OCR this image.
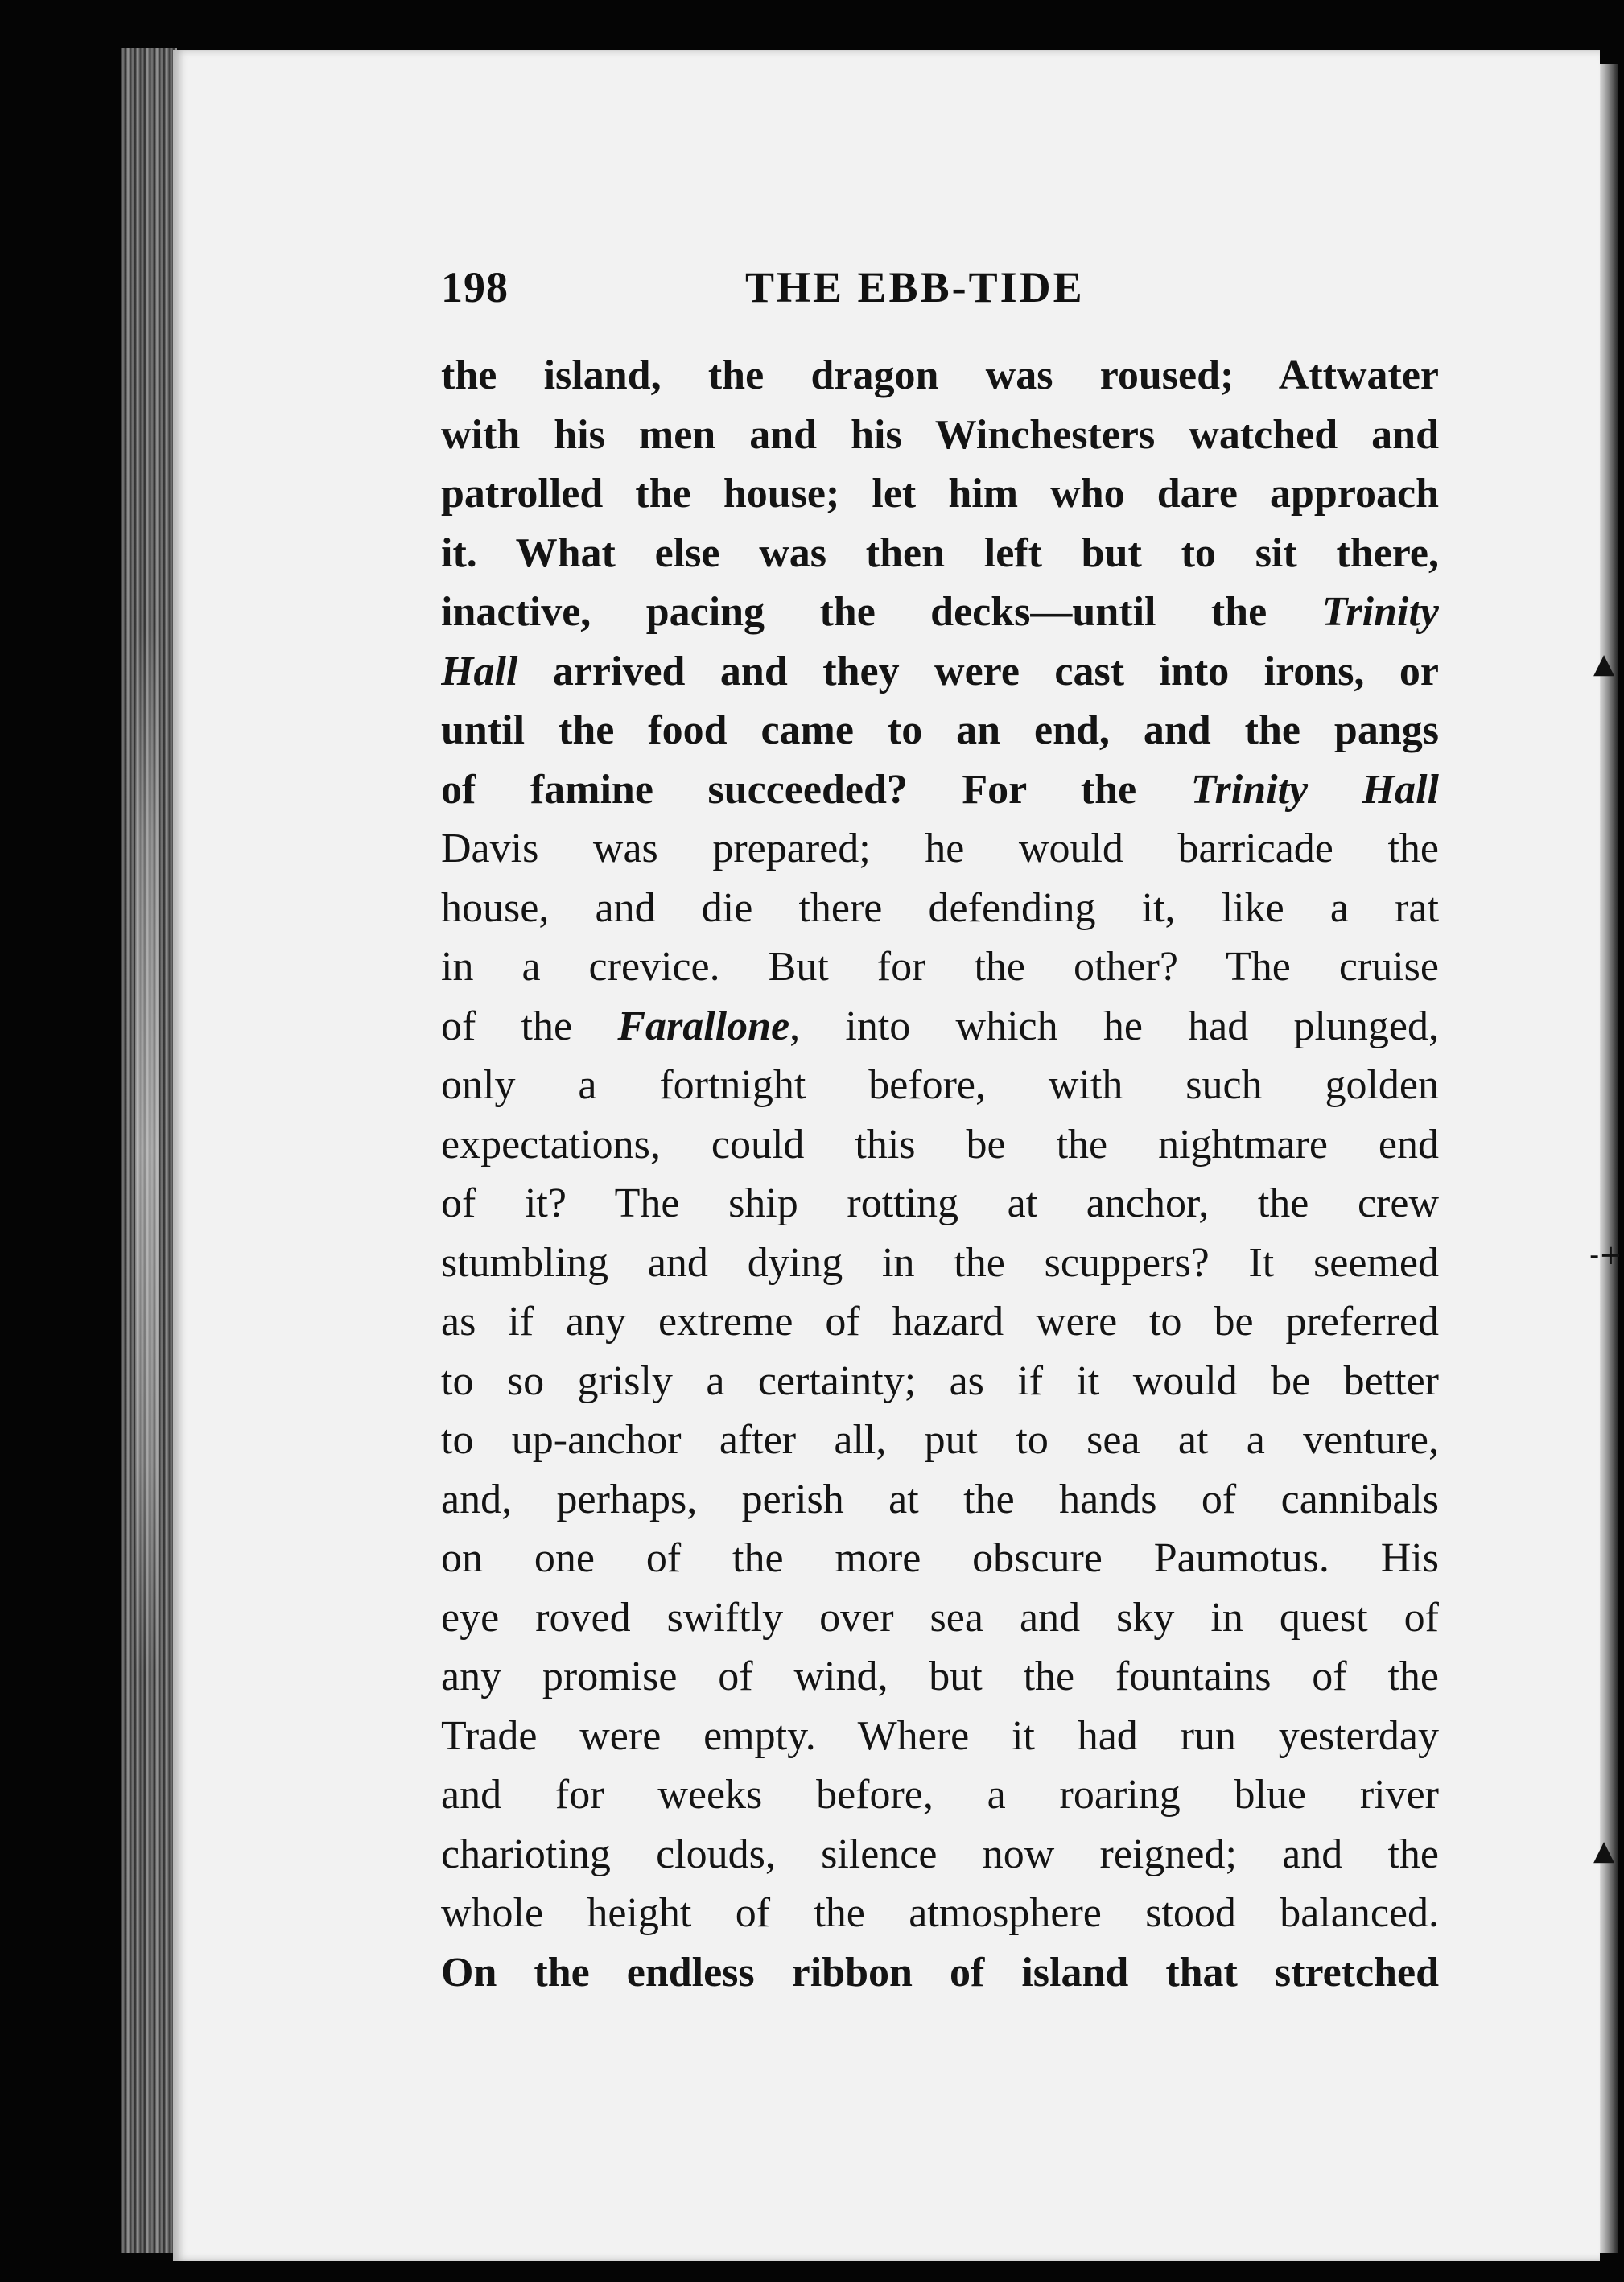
▲
-+
▲
198	THE EBB-TIDE
the island, the dragon was roused; Attwater
with his men and his Winchesters watched and
patrolled the house; let him who dare approach
it. What else was then left but to sit there,
inactive, pacing the decks—until the Trinity
Hall arrived and they were cast into irons, or
until the food came to an end, and the pangs
of famine succeeded? For the Trinity Hall
Davis was prepared; he would barricade the
house, and die there defending it, like a rat
in a crevice. But for the other? The cruise
of the Farallone, into which he had plunged,
only a fortnight before, with such golden
expectations, could this be the nightmare end
of it? The ship rotting at anchor, the crew
stumbling and dying in the scuppers? It seemed
as if any extreme of hazard were to be preferred
to so grisly a certainty; as if it would be better
to up-anchor after all, put to sea at a venture,
and, perhaps, perish at the hands of cannibals
on one of the more obscure Paumotus. His
eye roved swiftly over sea and sky in quest of
any promise of wind, but the fountains of the
Trade were empty. Where it had run yesterday
and for weeks before, a roaring blue river
charioting clouds, silence now reigned; and the
whole height of the atmosphere stood balanced.
On the endless ribbon of island that stretched
